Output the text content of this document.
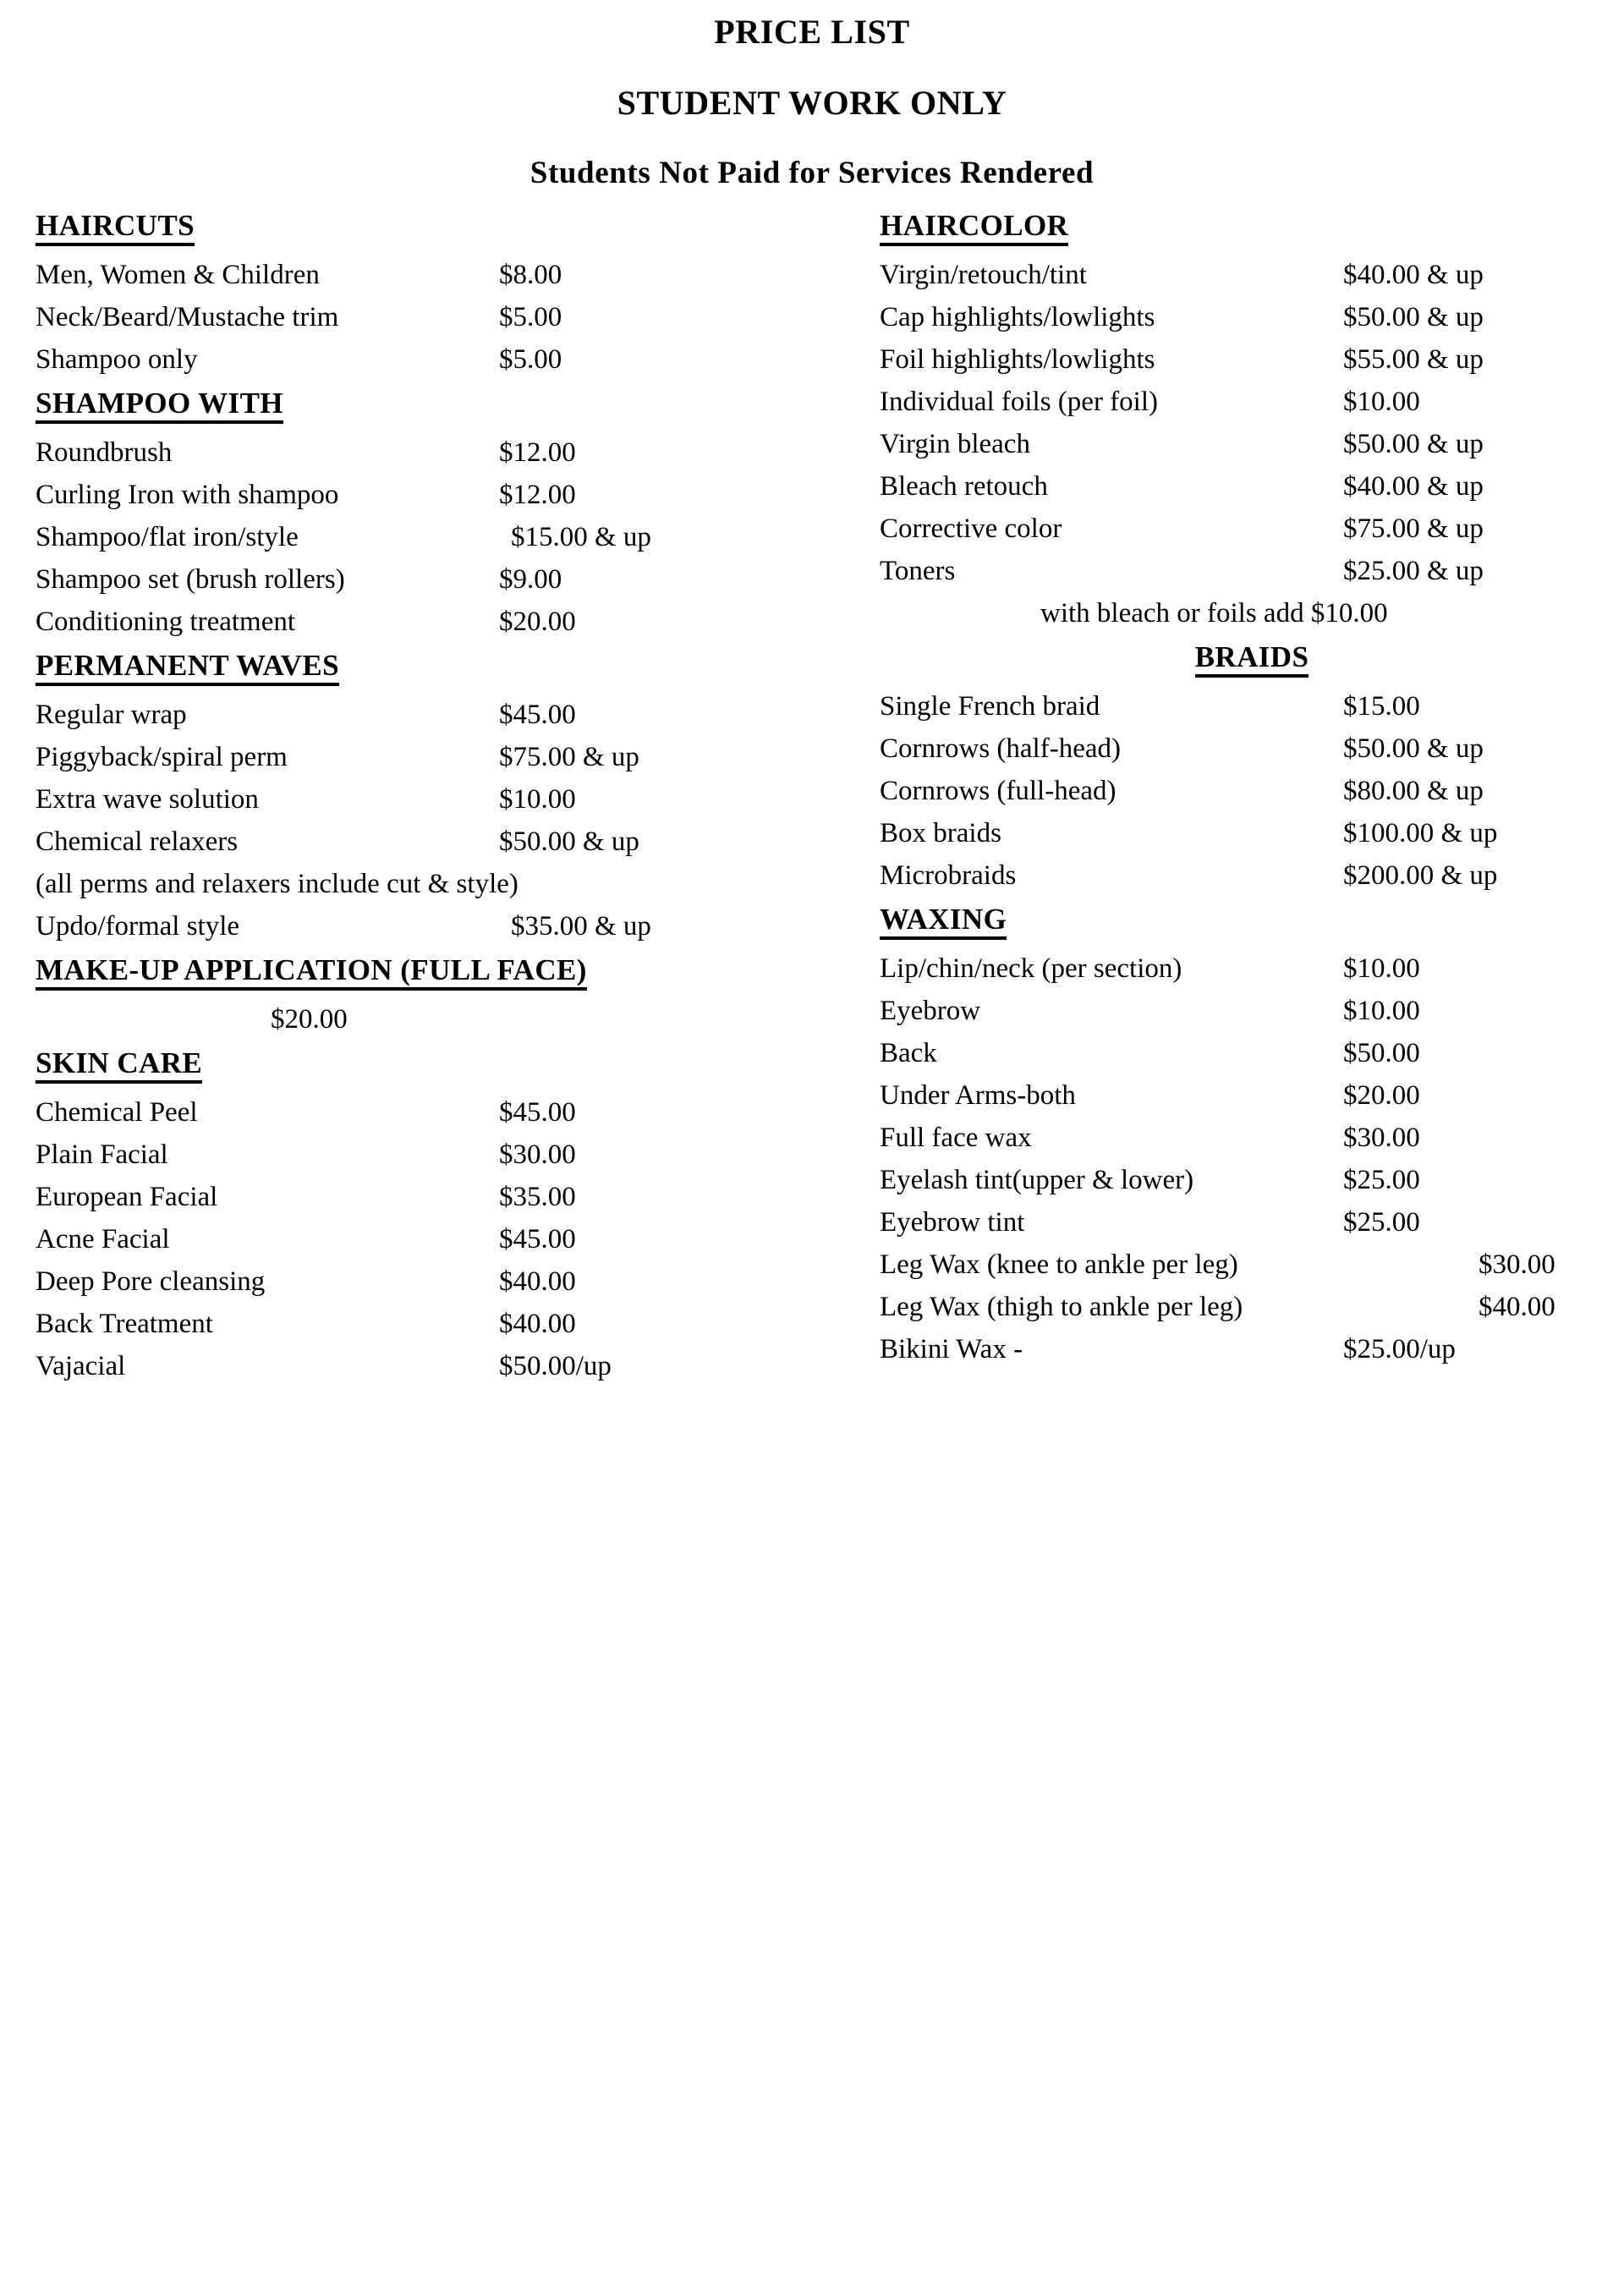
PRICE LIST
STUDENT WORK ONLY
Students Not Paid for Services Rendered
HAIRCUTS
Men, Women & Children	$8.00
Neck/Beard/Mustache trim	$5.00
Shampoo only	$5.00
SHAMPOO WITH
Roundbrush	$12.00
Curling Iron with shampoo	$12.00
Shampoo/flat iron/style	$15.00 & up
Shampoo set (brush rollers)	$9.00
Conditioning treatment	$20.00
PERMANENT WAVES
Regular wrap	$45.00
Piggyback/spiral perm	$75.00 & up
Extra wave solution	$10.00
Chemical relaxers	$50.00 & up
(all perms and relaxers include cut & style)
Updo/formal style	$35.00 & up
MAKE-UP APPLICATION (FULL FACE)
$20.00
SKIN CARE
Chemical Peel	$45.00
Plain Facial	$30.00
European Facial	$35.00
Acne Facial	$45.00
Deep Pore cleansing	$40.00
Back Treatment	$40.00
Vajacial	$50.00/up
HAIRCOLOR
Virgin/retouch/tint	$40.00 & up
Cap highlights/lowlights	$50.00 & up
Foil highlights/lowlights	$55.00 & up
Individual foils (per foil)	$10.00
Virgin bleach	$50.00 & up
Bleach retouch	$40.00 & up
Corrective color	$75.00 & up
Toners	$25.00 & up
with bleach or foils add $10.00
BRAIDS
Single French braid	$15.00
Cornrows (half-head)	$50.00 & up
Cornrows (full-head)	$80.00 & up
Box braids	$100.00 & up
Microbraids	$200.00 & up
WAXING
Lip/chin/neck (per section)	$10.00
Eyebrow	$10.00
Back	$50.00
Under Arms-both	$20.00
Full face wax	$30.00
Eyelash tint(upper & lower)	$25.00
Eyebrow tint	$25.00
Leg Wax (knee to ankle per leg)	$30.00
Leg Wax (thigh to ankle per leg)	$40.00
Bikini Wax -	$25.00/up
